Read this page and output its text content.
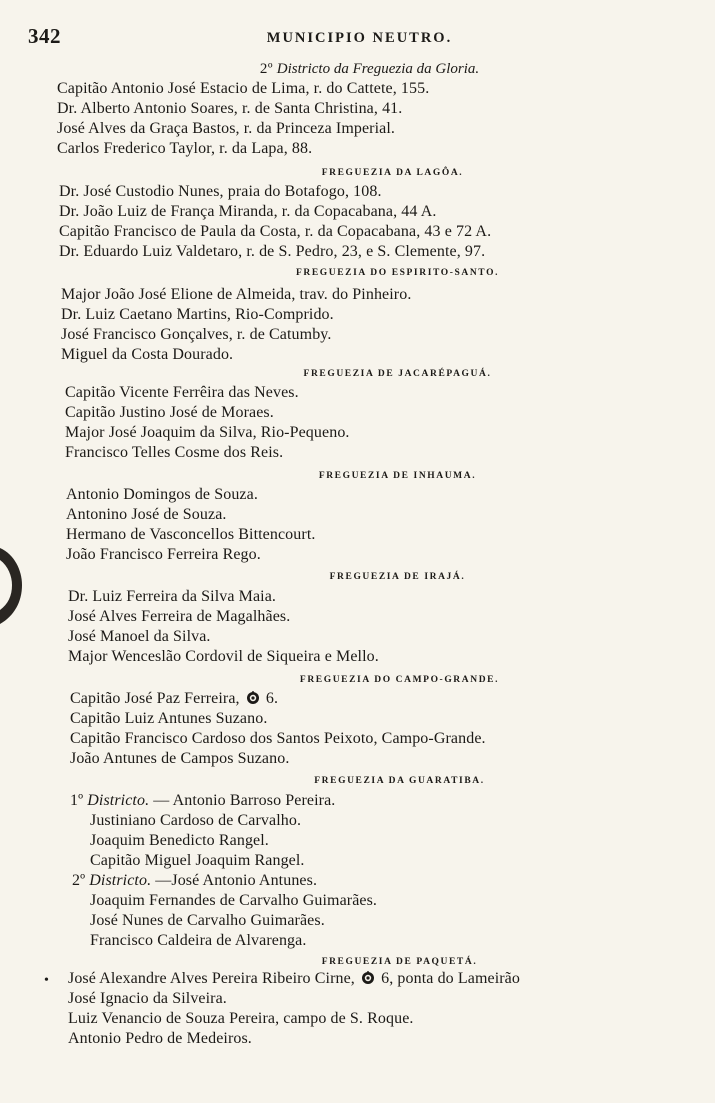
342	MUNICIPIO NEUTRO.
2º Districto da Freguezia da Gloria.
Capitão Antonio José Estacio de Lima, r. do Cattete, 155.
Dr. Alberto Antonio Soares, r. de Santa Christina, 41.
José Alves da Graça Bastos, r. da Princeza Imperial.
Carlos Frederico Taylor, r. da Lapa, 88.
FREGUEZIA DA LAGÔA.
Dr. José Custodio Nunes, praia do Botafogo, 108.
Dr. João Luiz de França Miranda, r. da Copacabana, 44 A.
Capitão Francisco de Paula da Costa, r. da Copacabana, 43 e 72 A.
Dr. Eduardo Luiz Valdetaro, r. de S. Pedro, 23, e S. Clemente, 97.
FREGUEZIA DO ESPIRITO-SANTO.
Major João José Elione de Almeida, trav. do Pinheiro.
Dr. Luiz Caetano Martins, Rio-Comprido.
José Francisco Gonçalves, r. de Catumby.
Miguel da Costa Dourado.
FREGUEZIA DE JACARÉPAGUÁ.
Capitão Vicente Ferrêira das Neves.
Capitão Justino José de Moraes.
Major José Joaquim da Silva, Rio-Pequeno.
Francisco Telles Cosme dos Reis.
FREGUEZIA DE INHAUMA.
Antonio Domingos de Souza.
Antonino José de Souza.
Hermano de Vasconcellos Bittencourt.
João Francisco Ferreira Rego.
FREGUEZIA DE IRAJÁ.
Dr. Luiz Ferreira da Silva Maia.
José Alves Ferreira de Magalhães.
José Manoel da Silva.
Major Wenceslão Cordovil de Siqueira e Mello.
FREGUEZIA DO CAMPO-GRANDE.
Capitão José Paz Ferreira, 6.
Capitão Luiz Antunes Suzano.
Capitão Francisco Cardoso dos Santos Peixoto, Campo-Grande.
João Antunes de Campos Suzano.
FREGUEZIA DA GUARATIBA.
1º Districto. — Antonio Barroso Pereira.
Justiniano Cardoso de Carvalho.
Joaquim Benedicto Rangel.
Capitão Miguel Joaquim Rangel.
2º Districto. —José Antonio Antunes.
Joaquim Fernandes de Carvalho Guimarães.
José Nunes de Carvalho Guimarães.
Francisco Caldeira de Alvarenga.
FREGUEZIA DE PAQUETÁ.
• José Alexandre Alves Pereira Ribeiro Cirne, 6, ponta do Lameirão
José Ignacio da Silveira.
Luiz Venancio de Souza Pereira, campo de S. Roque.
Antonio Pedro de Medeiros.
